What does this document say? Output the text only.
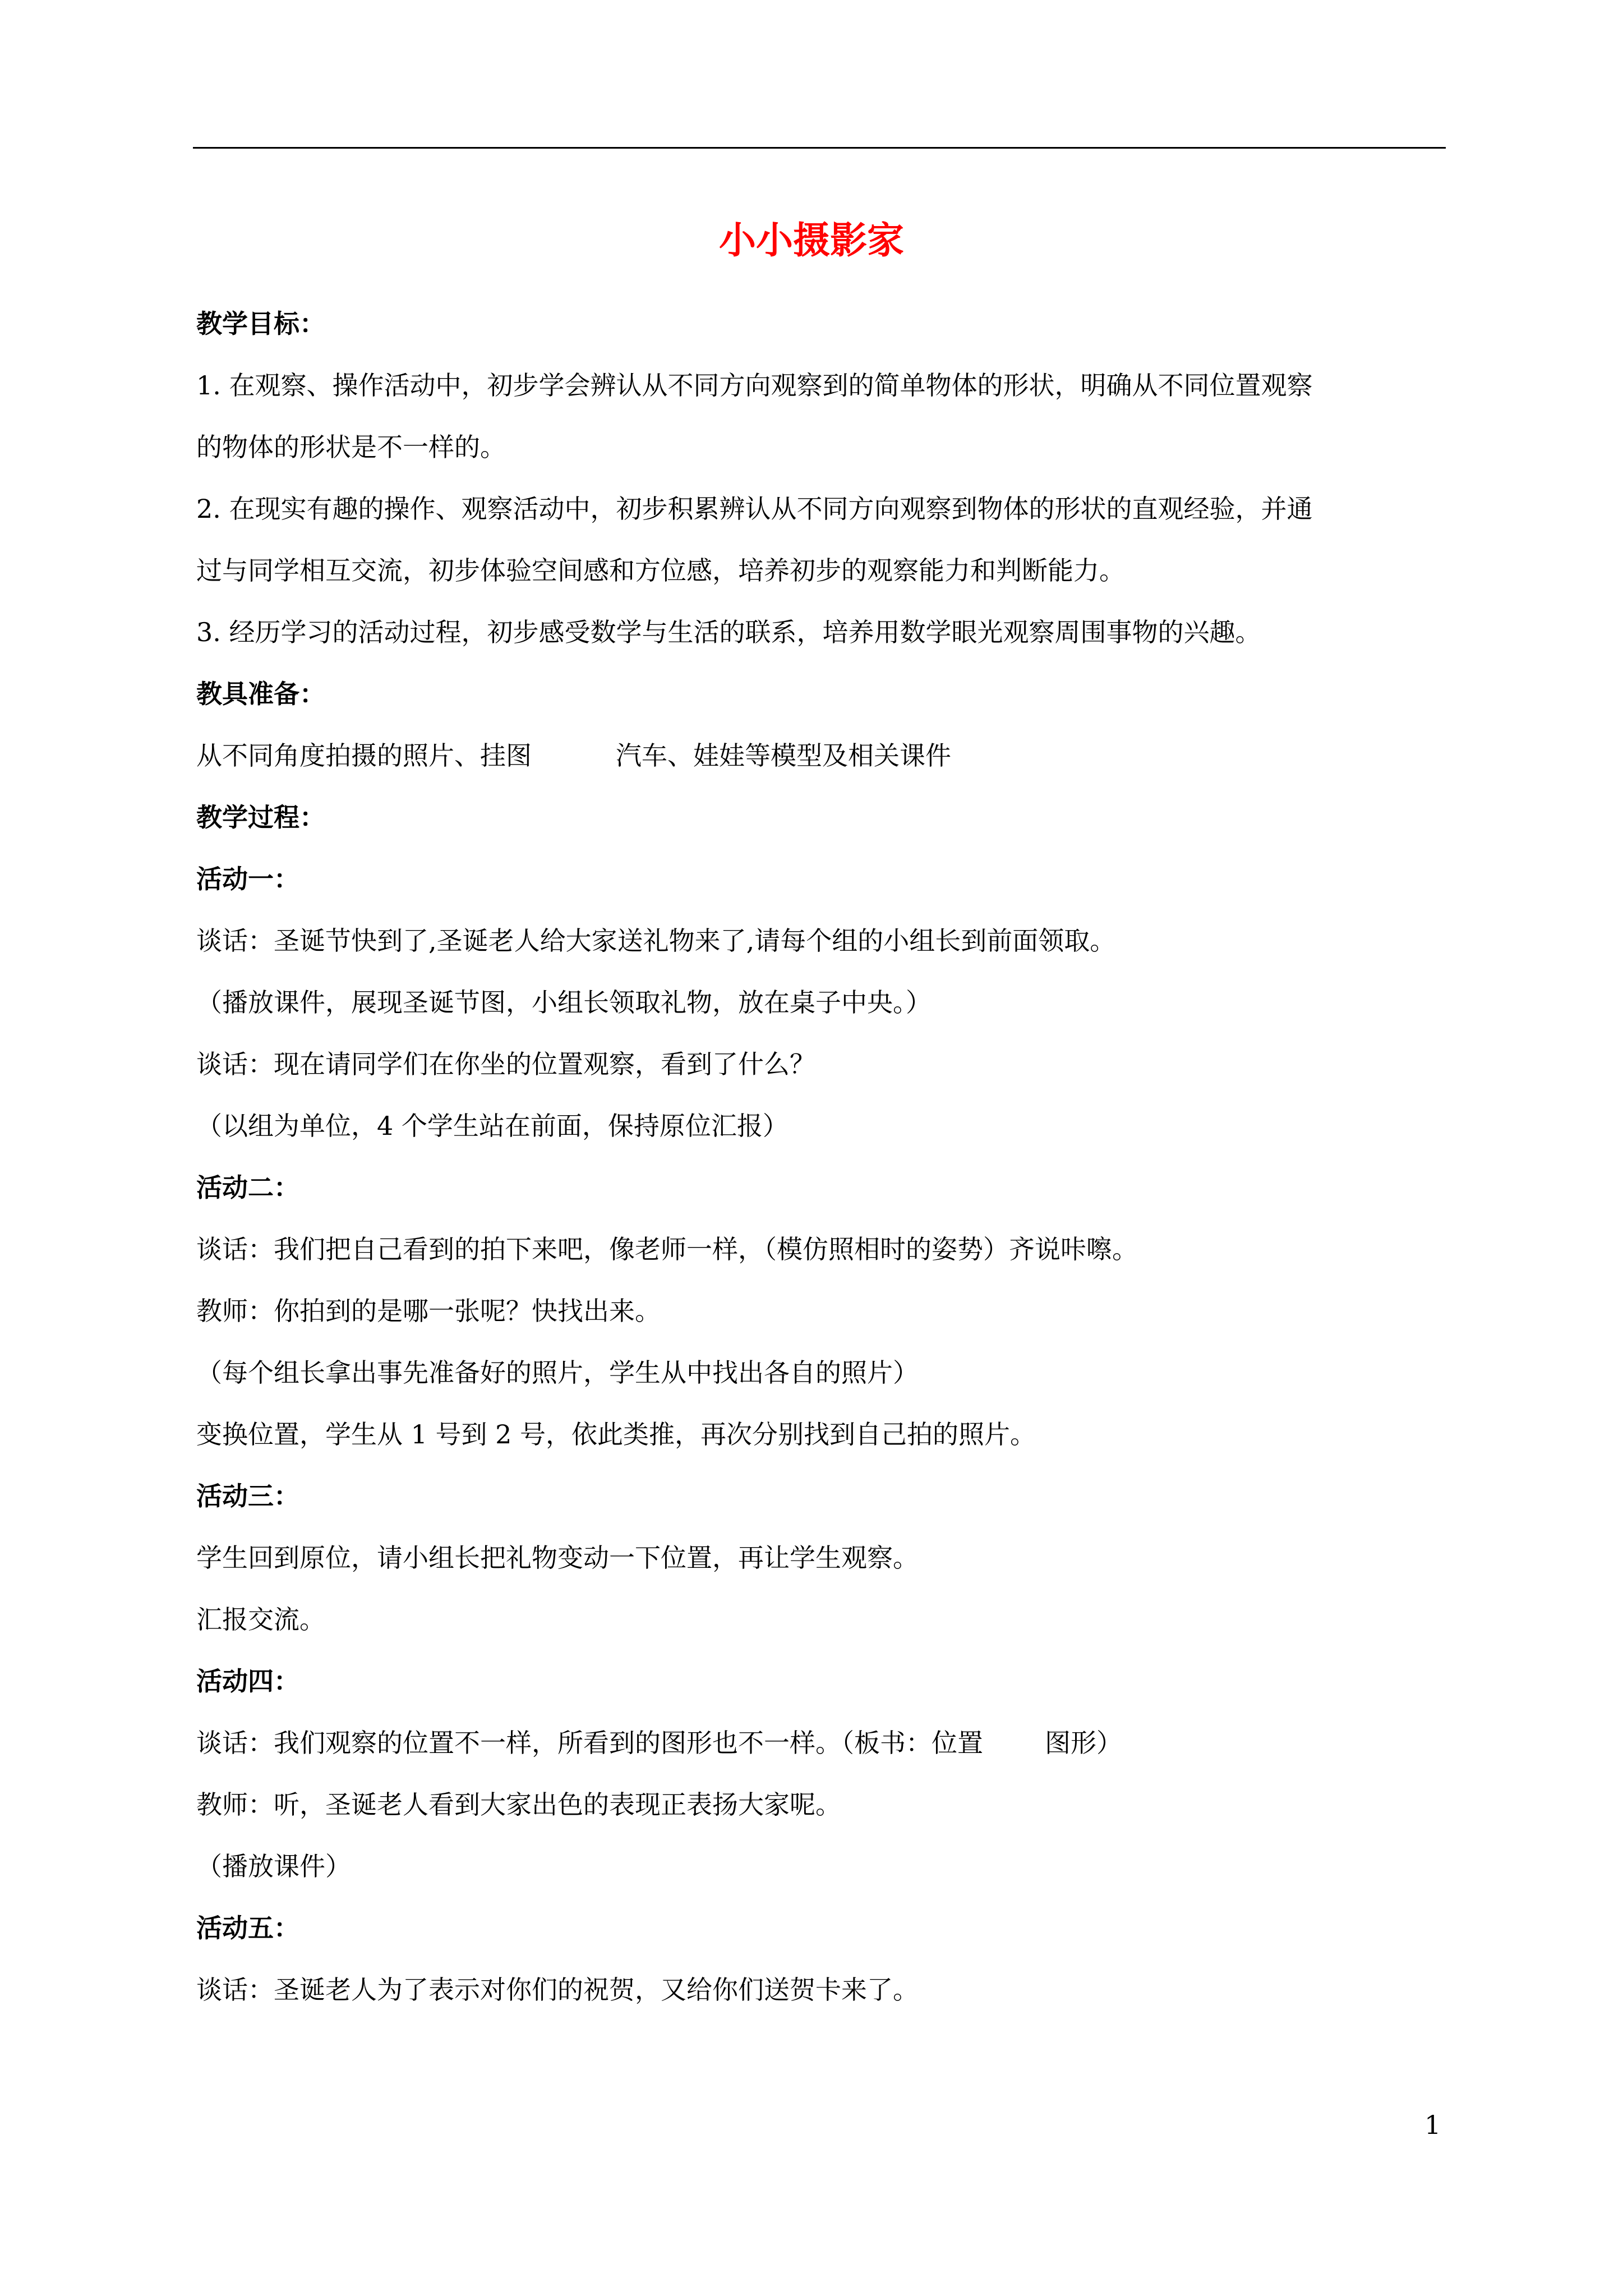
小小摄影家

教学目标：

1. 在观察、操作活动中，初步学会辨认从不同方向观察到的简单物体的形状，明确从不同位置观察

的物体的形状是不一样的。

2. 在现实有趣的操作、观察活动中，初步积累辨认从不同方向观察到物体的形状的直观经验，并通

过与同学相互交流，初步体验空间感和方位感，培养初步的观察能力和判断能力。

3. 经历学习的活动过程，初步感受数学与生活的联系，培养用数学眼光观察周围事物的兴趣。

教具准备：

从不同角度拍摄的照片、挂图	汽车、娃娃等模型及相关课件

教学过程：

活动一：

谈话：圣诞节快到了,圣诞老人给大家送礼物来了,请每个组的小组长到前面领取。

（播放课件，展现圣诞节图，小组长领取礼物，放在桌子中央。）

谈话：现在请同学们在你坐的位置观察，看到了什么？

（以组为单位，4 个学生站在前面，保持原位汇报）

活动二：

谈话：我们把自己看到的拍下来吧，像老师一样，（模仿照相时的姿势）齐说咔嚓。

教师：你拍到的是哪一张呢？快找出来。

（每个组长拿出事先准备好的照片，学生从中找出各自的照片）

变换位置，学生从 1 号到 2 号，依此类推，再次分别找到自己拍的照片。

活动三：

学生回到原位，请小组长把礼物变动一下位置，再让学生观察。

汇报交流。

活动四：

谈话：我们观察的位置不一样，所看到的图形也不一样。（板书：位置 图形）

教师：听，圣诞老人看到大家出色的表现正表扬大家呢。

（播放课件）

活动五：

谈话：圣诞老人为了表示对你们的祝贺，又给你们送贺卡来了。

1
